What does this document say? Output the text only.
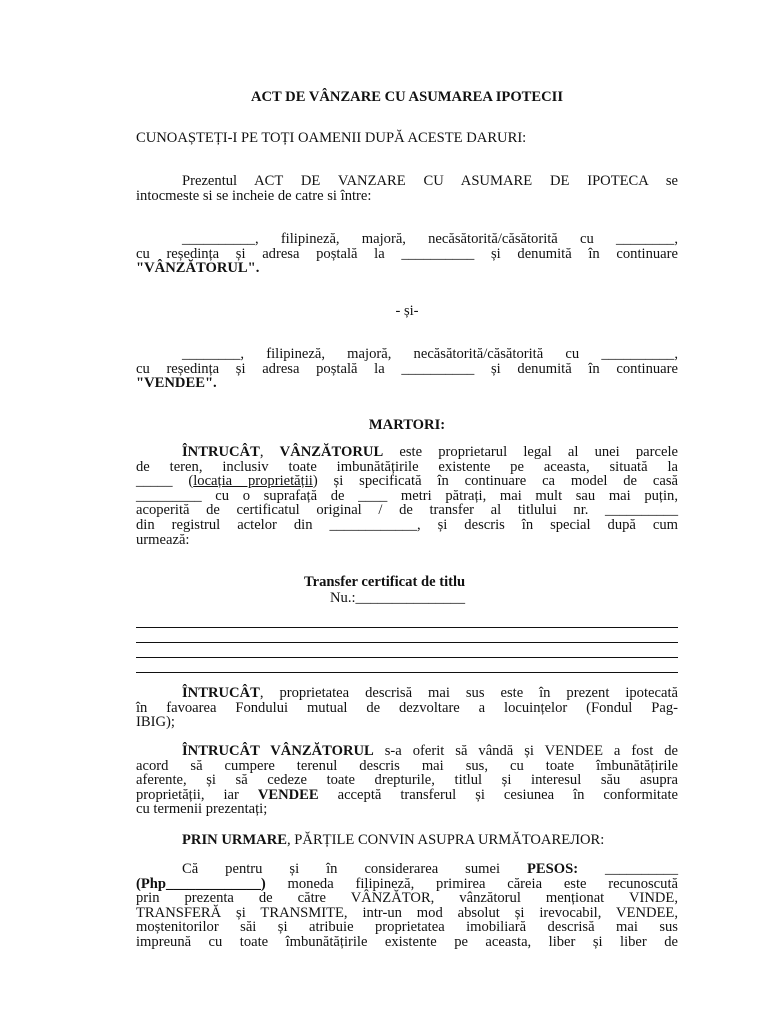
ACT DE VÂNZARE CU ASUMAREA IPOTECII
CUNOAȘTEȚI-I PE TOȚI OAMENII DUPĂ ACESTE DARURI:
Prezentul ACT DE VANZARE CU ASUMARE DE IPOTECA se
intocmeste si se incheie de catre si între:
__________, filipineză, majoră, necăsătorită/căsătorită cu ________,
cu reședința și adresa poștală la __________ și denumită în continuare
"VÂNZĂTORUL".
- și-
________, filipineză, majoră, necăsătorită/căsătorită cu __________,
cu reședința și adresa poștală la __________ și denumită în continuare
"VENDEE".
MARTORI:
ÎNTRUCÂT, VÂNZĂTORUL este proprietarul legal al unei parcele
de teren, inclusiv toate imbunătățirile existente pe aceasta, situată la
_____ (locația proprietății) și specificată în continuare ca model de casă
_________ cu o suprafață de ____ metri pătrați, mai mult sau mai puțin,
acoperită de certificatul original / de transfer al titlului nr. __________
din registrul actelor din ____________, și descris în special după cum
urmează:
Transfer certificat de titlu
Nu.:_______________
ÎNTRUCÂT, proprietatea descrisă mai sus este în prezent ipotecată
în favoarea Fondului mutual de dezvoltare a locuințelor (Fondul Pag-
IBIG);
ÎNTRUCÂT VÂNZĂTORUL s-a oferit să vândă și VENDEE a fost de
acord să cumpere terenul descris mai sus, cu toate îmbunătățirile
aferente, și să cedeze toate drepturile, titlul și interesul său asupra
proprietății, iar VENDEE acceptă transferul și cesiunea în conformitate
cu termenii prezentați;
PRIN URMARE, PĂRȚILE CONVIN ASUPRA URMĂTOAREЛОR:
Că pentru și în considerarea sumei PESOS: __________
(Php_____________) moneda filipineză, primirea căreia este recunoscută
prin prezenta de către VÂNZĂTOR, vânzătorul menționat VINDE,
TRANSFERĂ și TRANSMITE, intr-un mod absolut și irevocabil, VENDEE,
moștenitorilor săi și atribuie proprietatea imobiliară descrisă mai sus
impreună cu toate îmbunătățirile existente pe aceasta, liber și liber de
